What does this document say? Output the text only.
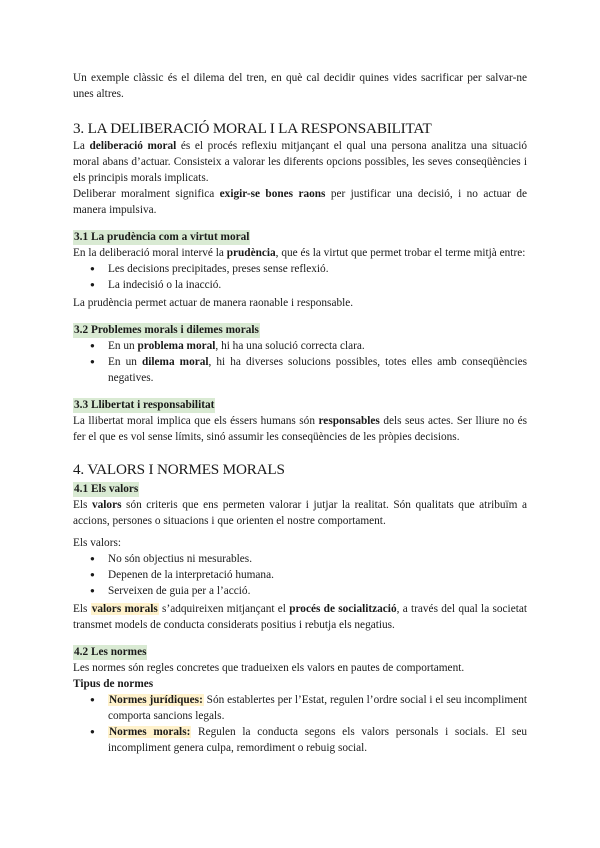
Un exemple clàssic és el dilema del tren, en què cal decidir quines vides sacrificar per salvar-ne unes altres.

3. LA DELIBERACIÓ MORAL I LA RESPONSABILITAT

La deliberació moral és el procés reflexiu mitjançant el qual una persona analitza una situació moral abans d’actuar. Consisteix a valorar les diferents opcions possibles, les seves conseqüències i els principis morals implicats.

Deliberar moralment significa exigir-se bones raons per justificar una decisió, i no actuar de manera impulsiva.

3.1 La prudència com a virtut moral

En la deliberació moral intervé la prudència, que és la virtut que permet trobar el terme mitjà entre:

● Les decisions precipitades, preses sense reflexió.
● La indecisió o la inacció.

La prudència permet actuar de manera raonable i responsable.

3.2 Problemes morals i dilemes morals
● En un problema moral, hi ha una solució correcta clara.
● En un dilema moral, hi ha diverses solucions possibles, totes elles amb conseqüències negatives.
3.3 Llibertat i responsabilitat

La llibertat moral implica que els éssers humans són responsables dels seus actes. Ser lliure no és fer el que es vol sense límits, sinó assumir les conseqüències de les pròpies decisions.

4. VALORS I NORMES MORALS
4.1 Els valors

Els valors són criteris que ens permeten valorar i jutjar la realitat. Són qualitats que atribuïm a accions, persones o situacions i que orienten el nostre comportament.

Els valors:

● No són objectius ni mesurables.
● Depenen de la interpretació humana.
● Serveixen de guia per a l’acció.

Els valors morals s’adquireixen mitjançant el procés de socialització, a través del qual la societat transmet models de conducta considerats positius i rebutja els negatius.

4.2 Les normes

Les normes són regles concretes que tradueixen els valors en pautes de comportament.

Tipus de normes
● Normes jurídiques: Són establertes per l’Estat, regulen l’ordre social i el seu incompliment comporta sancions legals.
● Normes morals: Regulen la conducta segons els valors personals i socials. El seu incompliment genera culpa, remordiment o rebuig social.
